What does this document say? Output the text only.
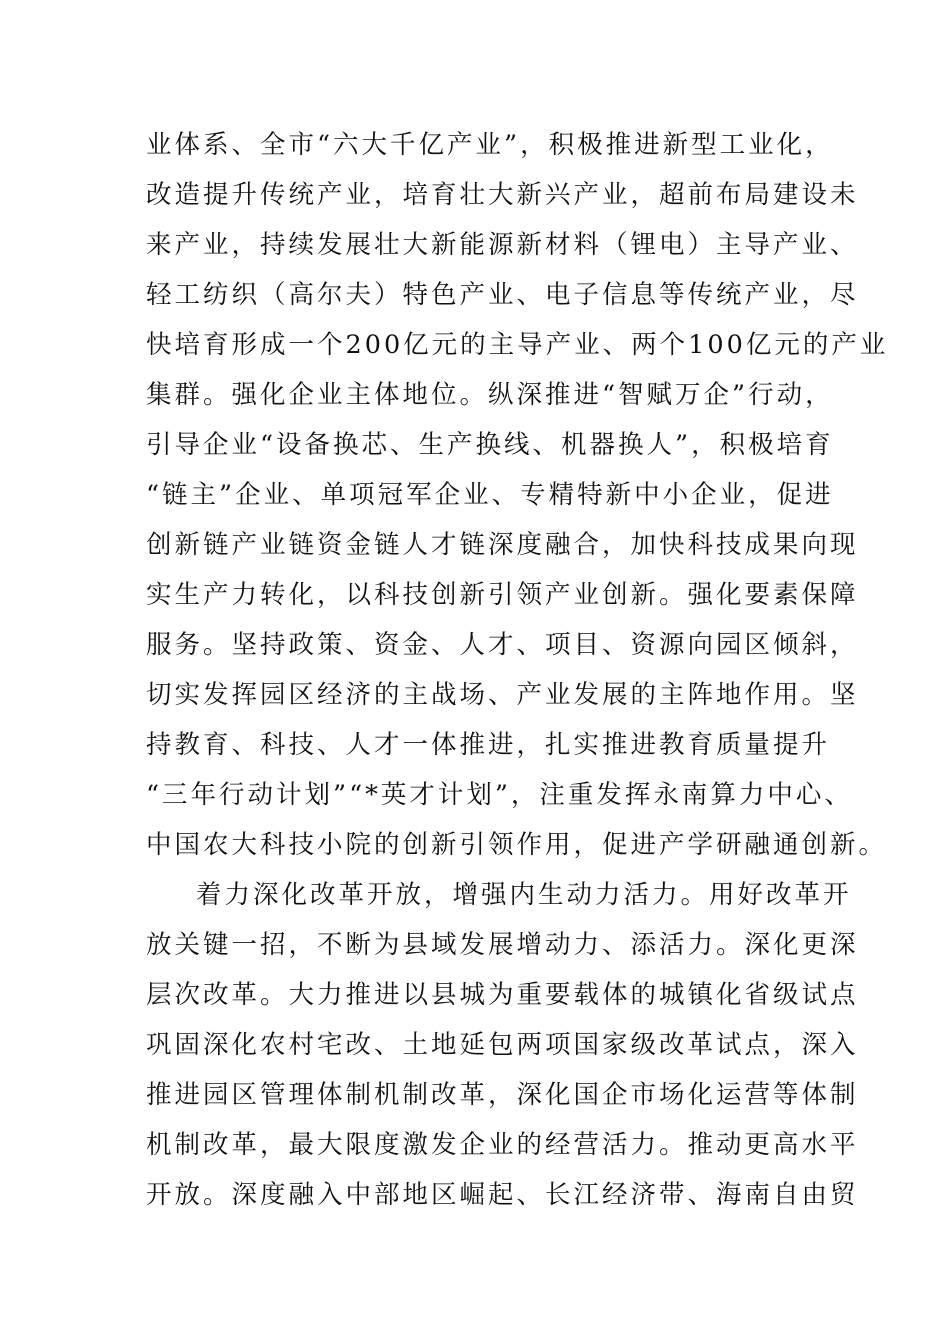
业体系、全市“六大千亿产业”，积极推进新型工业化，
改造提升传统产业，培育壮大新兴产业，超前布局建设未
来产业，持续发展壮大新能源新材料（锂电）主导产业、
轻工纺织（高尔夫）特色产业、电子信息等传统产业，尽
快培育形成一个200亿元的主导产业、两个100亿元的产业
集群。强化企业主体地位。纵深推进“智赋万企”行动，
引导企业“设备换芯、生产换线、机器换人”，积极培育
“链主”企业、单项冠军企业、专精特新中小企业，促进
创新链产业链资金链人才链深度融合，加快科技成果向现
实生产力转化，以科技创新引领产业创新。强化要素保障
服务。坚持政策、资金、人才、项目、资源向园区倾斜，
切实发挥园区经济的主战场、产业发展的主阵地作用。坚
持教育、科技、人才一体推进，扎实推进教育质量提升
“三年行动计划”“*英才计划”，注重发挥永南算力中心、
中国农大科技小院的创新引领作用，促进产学研融通创新。
着力深化改革开放，增强内生动力活力。用好改革开
放关键一招，不断为县域发展增动力、添活力。深化更深
层次改革。大力推进以县城为重要载体的城镇化省级试点
巩固深化农村宅改、土地延包两项国家级改革试点，深入
推进园区管理体制机制改革，深化国企市场化运营等体制
机制改革，最大限度激发企业的经营活力。推动更高水平
开放。深度融入中部地区崛起、长江经济带、海南自由贸
